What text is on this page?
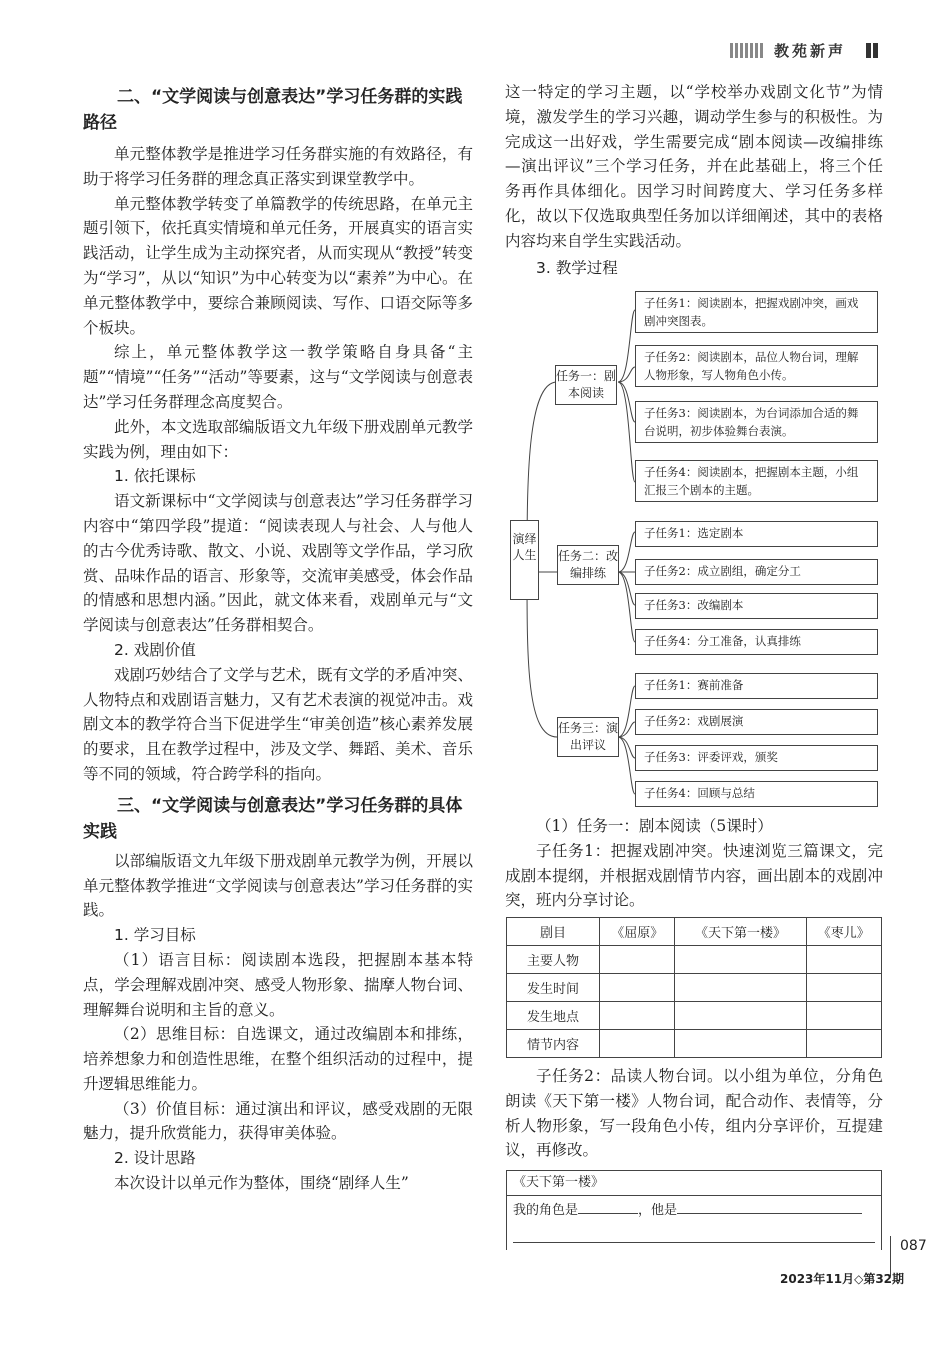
教苑新声

二、“文学阅读与创意表达”学习任务群的实践路径

单元整体教学是推进学习任务群实施的有效路径，有助于将学习任务群的理念真正落实到课堂教学中。

单元整体教学转变了单篇教学的传统思路，在单元主题引领下，依托真实情境和单元任务，开展真实的语言实践活动，让学生成为主动探究者，从而实现从“教授”转变为“学习”，从以“知识”为中心转变为以“素养”为中心。在单元整体教学中，要综合兼顾阅读、写作、口语交际等多个板块。

综上，单元整体教学这一教学策略自身具备“主题”“情境”“任务”“活动”等要素，这与“文学阅读与创意表达”学习任务群理念高度契合。

此外，本文选取部编版语文九年级下册戏剧单元教学实践为例，理由如下：

1. 依托课标

语文新课标中“文学阅读与创意表达”学习任务群学习内容中“第四学段”提道：“阅读表现人与社会、人与他人的古今优秀诗歌、散文、小说、戏剧等文学作品，学习欣赏、品味作品的语言、形象等，交流审美感受，体会作品的情感和思想内涵。”因此，就文体来看，戏剧单元与“文学阅读与创意表达”任务群相契合。

2. 戏剧价值

戏剧巧妙结合了文学与艺术，既有文学的矛盾冲突、人物特点和戏剧语言魅力，又有艺术表演的视觉冲击。戏剧文本的教学符合当下促进学生“审美创造”核心素养发展的要求，且在教学过程中，涉及文学、舞蹈、美术、音乐等不同的领域，符合跨学科的指向。

三、“文学阅读与创意表达”学习任务群的具体实践

以部编版语文九年级下册戏剧单元教学为例，开展以单元整体教学推进“文学阅读与创意表达”学习任务群的实践。

1. 学习目标

（1）语言目标：阅读剧本选段，把握剧本基本特点，学会理解戏剧冲突、感受人物形象、揣摩人物台词、理解舞台说明和主旨的意义。

（2）思维目标：自选课文，通过改编剧本和排练，培养想象力和创造性思维，在整个组织活动的过程中，提升逻辑思维能力。

（3）价值目标：通过演出和评议，感受戏剧的无限魅力，提升欣赏能力，获得审美体验。

2. 设计思路

本次设计以单元作为整体，围绕“剧绎人生”

这一特定的学习主题，以“学校举办戏剧文化节”为情境，激发学生的学习兴趣，调动学生参与的积极性。为完成这一出好戏，学生需要完成“剧本阅读—改编排练—演出评议”三个学习任务，并在此基础上，将三个任务再作具体细化。因学习时间跨度大、学习任务多样化，故以下仅选取典型任务加以详细阐述，其中的表格内容均来自学生实践活动。

3. 教学过程

演绎人生
任务一：剧本阅读
子任务1：阅读剧本，把握戏剧冲突，画戏剧冲突图表。
子任务2：阅读剧本，品位人物台词，理解人物形象，写人物角色小传。
子任务3：阅读剧本，为台词添加合适的舞台说明，初步体验舞台表演。
子任务4：阅读剧本，把握剧本主题，小组汇报三个剧本的主题。
任务二：改编排练
子任务1：选定剧本
子任务2：成立剧组，确定分工
子任务3：改编剧本
子任务4：分工准备，认真排练
任务三：演出评议
子任务1：赛前准备
子任务2：戏剧展演
子任务3：评委评戏，颁奖
子任务4：回顾与总结

（1）任务一：剧本阅读（5课时）

子任务1：把握戏剧冲突。快速浏览三篇课文，完成剧本提纲，并根据戏剧情节内容，画出剧本的戏剧冲突，班内分享讨论。

剧目	《屈原》	《天下第一楼》	《枣儿》
主要人物			
发生时间			
发生地点			
情节内容			

子任务2：品读人物台词。以小组为单位，分角色朗读《天下第一楼》人物台词，配合动作、表情等，分析人物形象，写一段角色小传，组内分享评价，互提建议，再修改。

《天下第一楼》
我的角色是	，他是
087
2023年11月◇第32期
